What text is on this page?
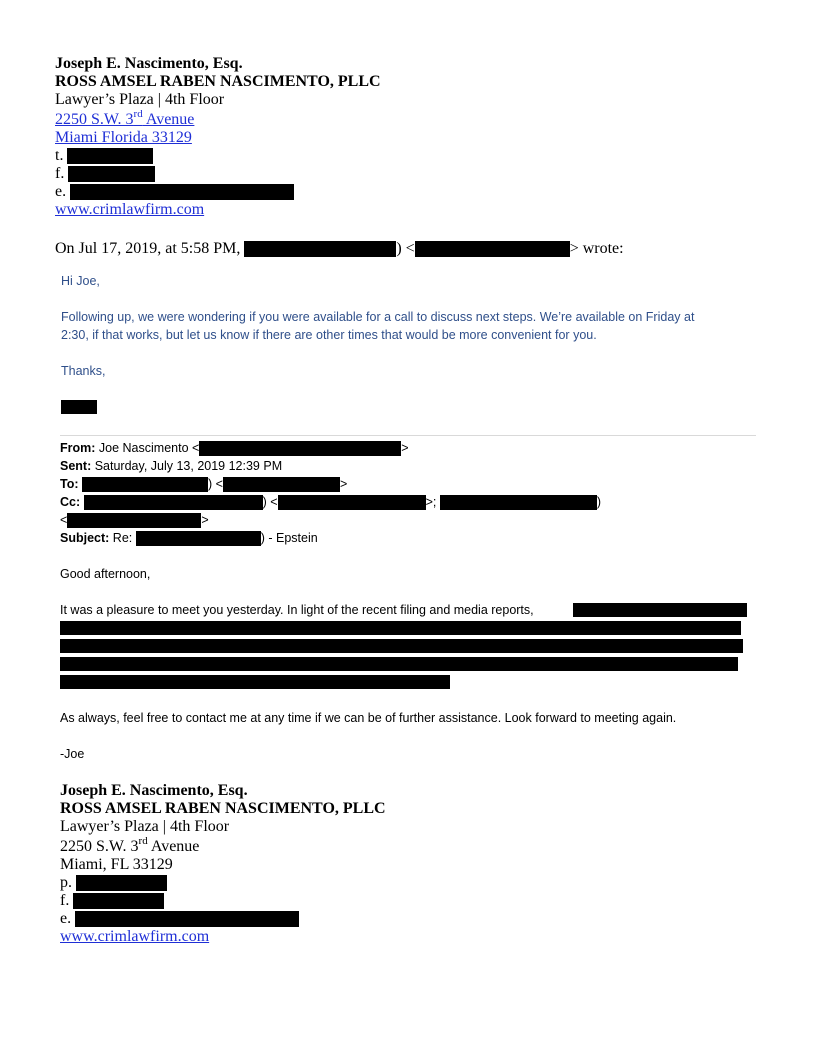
Joseph E. Nascimento, Esq.
ROSS AMSEL RABEN NASCIMENTO, PLLC
Lawyer’s Plaza | 4th Floor
2250 S.W. 3rd Avenue
Miami Florida 33129
t.
f.
e.
www.crimlawfirm.com
On Jul 17, 2019, at 5:58 PM,	) <	> wrote:
Hi Joe,
Following up, we were wondering if you were available for a call to discuss next steps. We’re available on Friday at
2:30, if that works, but let us know if there are other times that would be more convenient for you.
Thanks,
From: Joe Nascimento <	>
Sent: Saturday, July 13, 2019 12:39 PM
To:	) <	>
Cc:	) <	>;	)
<	>
Subject: Re:	) - Epstein
Good afternoon,
It was a pleasure to meet you yesterday. In light of the recent filing and media reports,
As always, feel free to contact me at any time if we can be of further assistance. Look forward to meeting again.
-Joe
Joseph E. Nascimento, Esq.
ROSS AMSEL RABEN NASCIMENTO, PLLC
Lawyer’s Plaza | 4th Floor
2250 S.W. 3rd Avenue
Miami, FL 33129
p.
f.
e.
www.crimlawfirm.com
